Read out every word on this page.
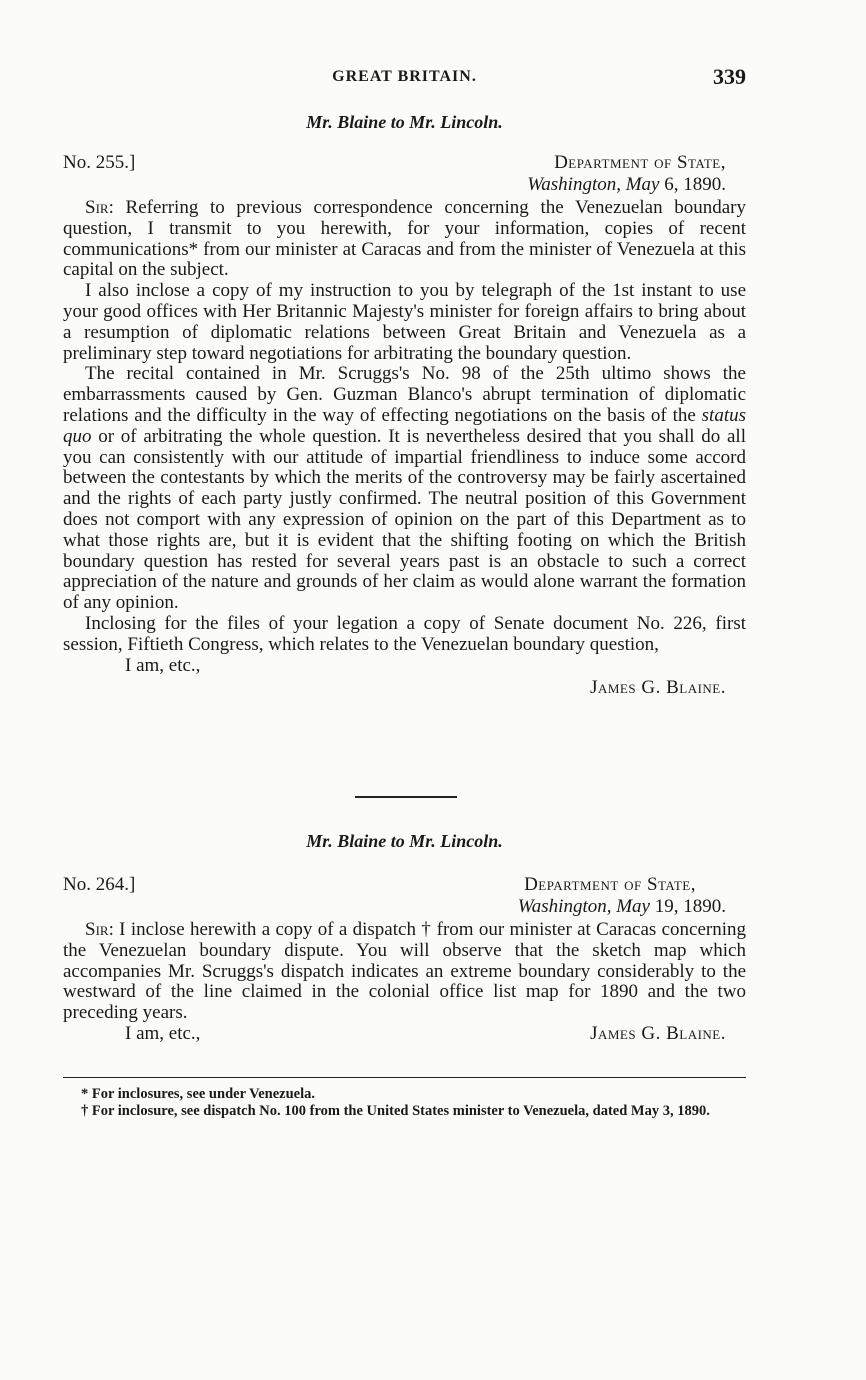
GREAT BRITAIN.	339
Mr. Blaine to Mr. Lincoln.
No. 255.]	Department of State,
Washington, May 6, 1890.

Sir: Referring to previous correspondence concerning the Venezuelan boundary question, I transmit to you herewith, for your information, copies of recent communications* from our minister at Caracas and from the minister of Venezuela at this capital on the subject.

I also inclose a copy of my instruction to you by telegraph of the 1st instant to use your good offices with Her Britannic Majesty's minister for foreign affairs to bring about a resumption of diplomatic relations between Great Britain and Venezuela as a preliminary step toward negotiations for arbitrating the boundary question.

The recital contained in Mr. Scruggs's No. 98 of the 25th ultimo shows the embarrassments caused by Gen. Guzman Blanco's abrupt termination of diplomatic relations and the difficulty in the way of effecting negotiations on the basis of the status quo or of arbitrating the whole question. It is nevertheless desired that you shall do all you can consistently with our attitude of impartial friendliness to induce some accord between the contestants by which the merits of the controversy may be fairly ascertained and the rights of each party justly confirmed. The neutral position of this Government does not comport with any expression of opinion on the part of this Department as to what those rights are, but it is evident that the shifting footing on which the British boundary question has rested for several years past is an obstacle to such a correct appreciation of the nature and grounds of her claim as would alone warrant the formation of any opinion.

Inclosing for the files of your legation a copy of Senate document No. 226, first session, Fiftieth Congress, which relates to the Venezuelan boundary question,

I am, etc.,
James G. Blaine.
Mr. Blaine to Mr. Lincoln.
No. 264.]	Department of State,
Washington, May 19, 1890.

Sir: I inclose herewith a copy of a dispatch † from our minister at Caracas concerning the Venezuelan boundary dispute. You will observe that the sketch map which accompanies Mr. Scruggs's dispatch indicates an extreme boundary considerably to the westward of the line claimed in the colonial office list map for 1890 and the two preceding years.

I am, etc.,	James G. Blaine.

* For inclosures, see under Venezuela.

† For inclosure, see dispatch No. 100 from the United States minister to Venezuela, dated May 3, 1890.
